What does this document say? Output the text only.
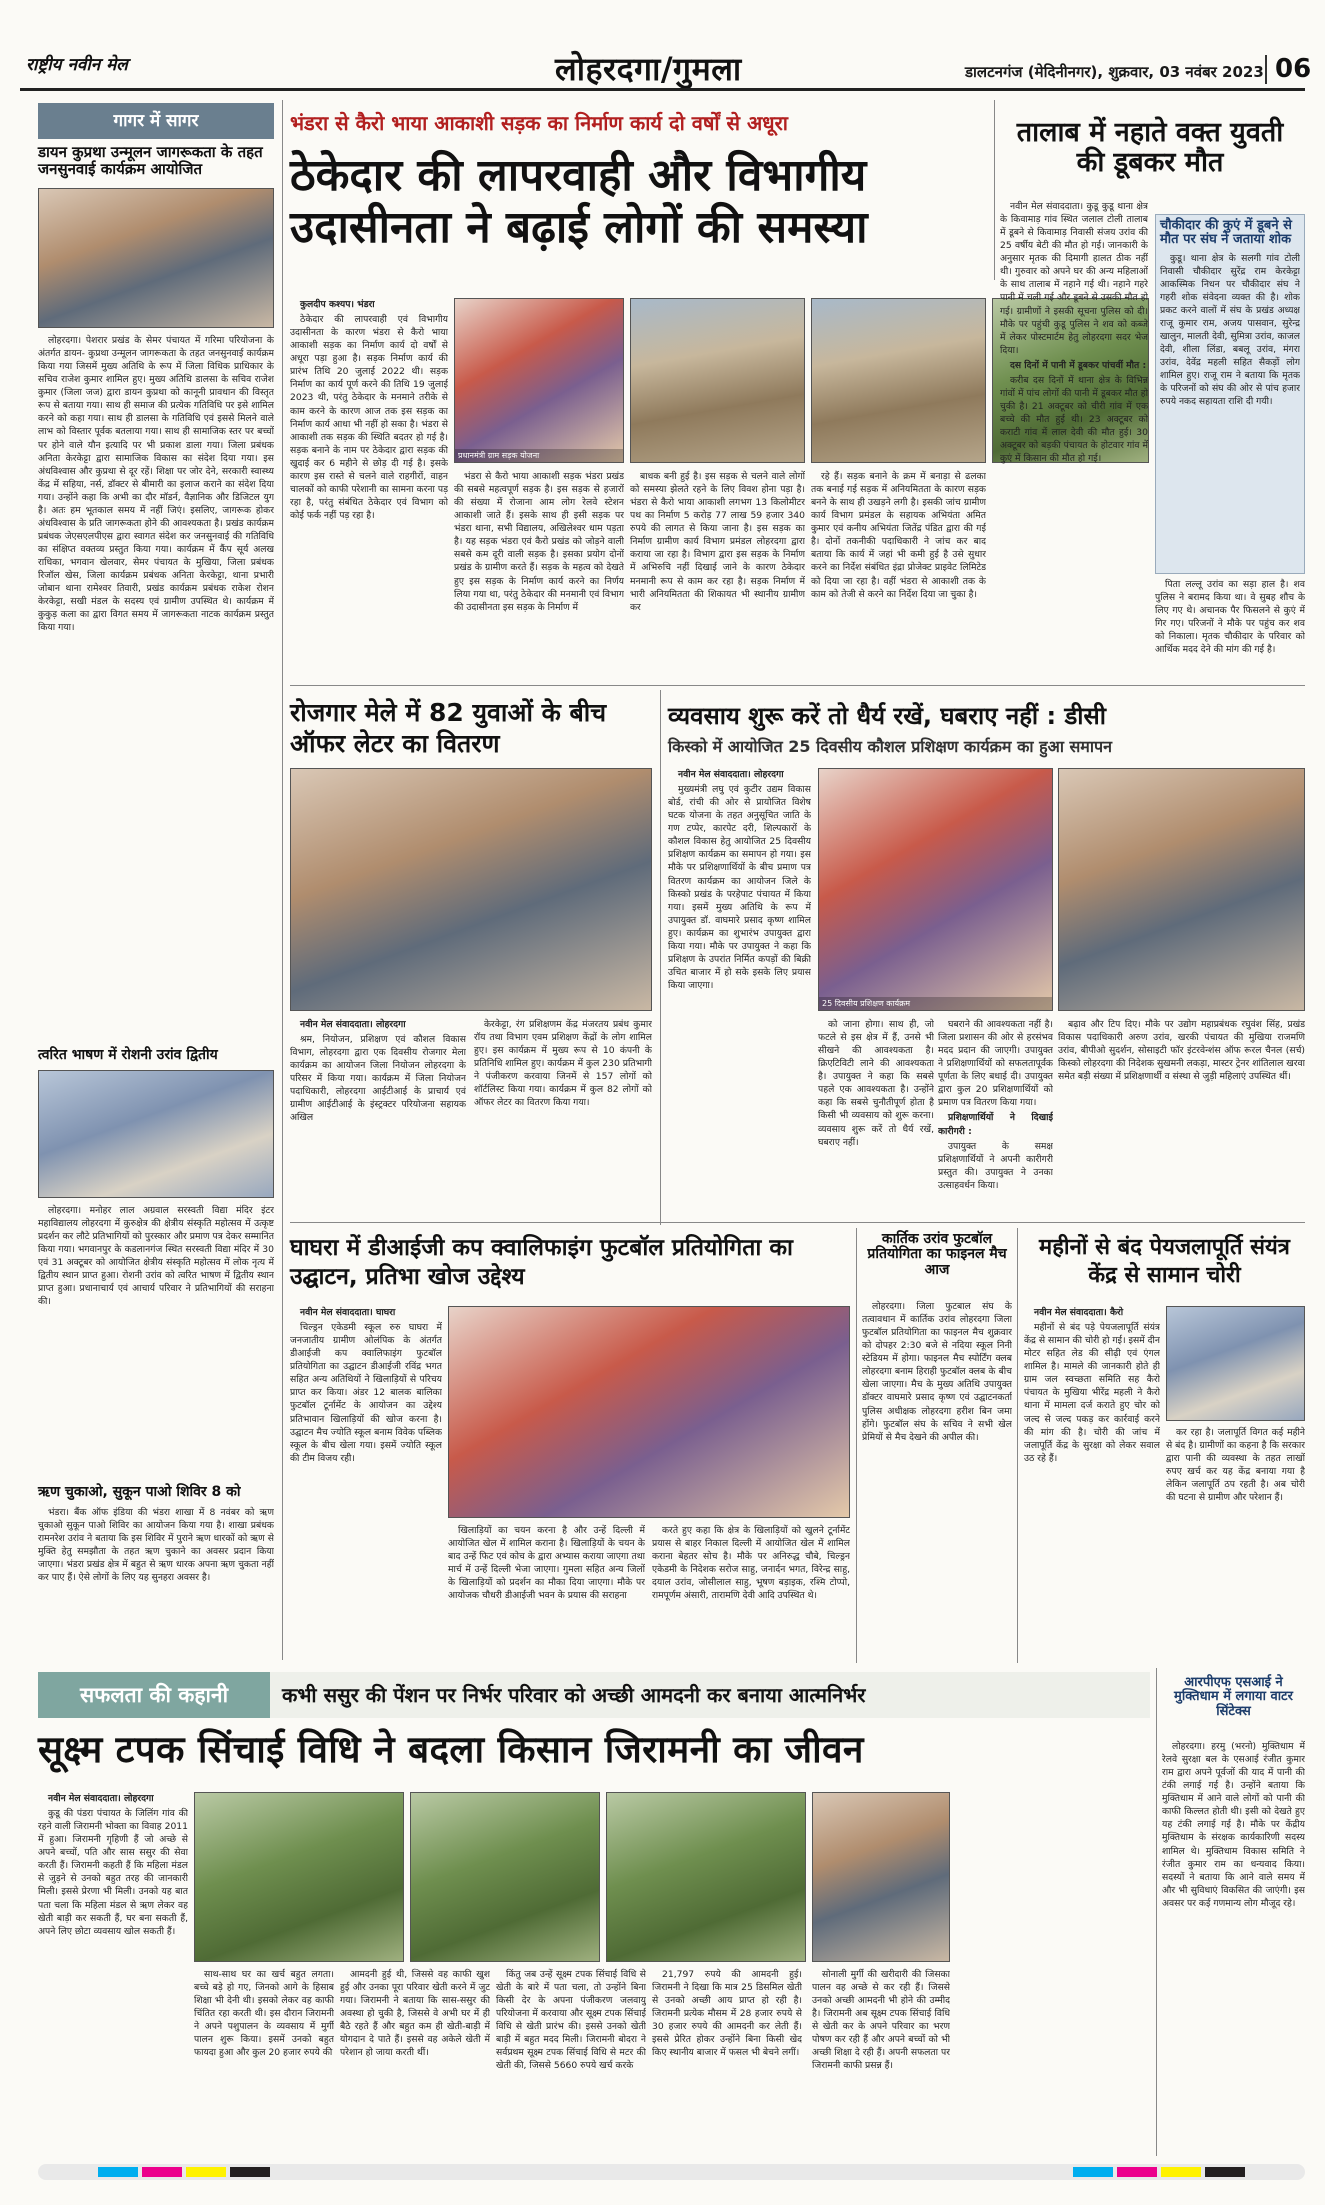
राष्ट्रीय नवीन मेल	लोहरदगा/गुमला	डालटनगंज (मेदिनीनगर), शुक्रवार, 03 नवंबर 2023 06
गागर में सागर
डायन कुप्रथा उन्मूलन जागरूकता के तहत जनसुनवाई कार्यक्रम आयोजित

लोहरदगा। पेशरार प्रखंड के सेमर पंचायत में गरिमा परियोजना के अंतर्गत डायन- कुप्रथा उन्मूलन जागरूकता के तहत जनसुनवाई कार्यक्रम किया गया जिसमें मुख्य अतिथि के रूप में जिला विधिक प्राधिकार के सचिव राजेश कुमार शामिल हुए। मुख्य अतिथि डालसा के सचिव राजेश कुमार (जिला जज) द्वारा डायन कुप्रथा को कानूनी प्रावधान की विस्तृत रूप से बताया गया। साथ ही समाज की प्रत्येक गतिविधि पर इसे शामिल करने को कहा गया। साथ ही डालसा के गतिविधि एवं इससे मिलने वाले लाभ को विस्तार पूर्वक बतलाया गया। साथ ही सामाजिक स्तर पर बच्चों पर होने वाले यौन इत्यादि पर भी प्रकाश डाला गया। जिला प्रबंधक अनिता केरकेट्टा द्वारा सामाजिक विकास का संदेश दिया गया। इस अंधविश्वास और कुप्रथा से दूर रहें। शिक्षा पर जोर देने, सरकारी स्वास्थ्य केंद्र में सहिया, नर्स, डॉक्टर से बीमारी का इलाज कराने का संदेश दिया गया। उन्होंने कहा कि अभी का दौर मॉडर्न, वैज्ञानिक और डिजिटल युग है। अतः हम भूतकाल समय में नहीं जिएं। इसलिए, जागरूक होकर अंधविश्वास के प्रति जागरूकता होने की आवश्यकता है। प्रखंड कार्यक्रम प्रबंधक जेएसएलपीएस द्वारा स्वागत संदेश कर जनसुनवाई की गतिविधि का संक्षिप्त वक्तव्य प्रस्तुत किया गया। कार्यक्रम में कैंप सूर्य अलख राधिका, भगवान खेलवार, सेमर पंचायत के मुखिया, जिला प्रबंधक रिजॉल खेस, जिला कार्यक्रम प्रबंधक अनिता केरकेट्टा, थाना प्रभारी जोबान थाना रामेश्वर तिवारी, प्रखंड कार्यक्रम प्रबंधक राकेश रोशन केरकेट्टा, सखी मंडल के सदस्य एवं ग्रामीण उपस्थित थे। कार्यक्रम में कुकुड़ कला का द्वारा विगत समय में जागरूकता नाटक कार्यक्रम प्रस्तुत किया गया।

त्वरित भाषण में रोशनी उरांव द्वितीय

लोहरदगा। मनोहर लाल अग्रवाल सरस्वती विद्या मंदिर इंटर महाविद्यालय लोहरदगा में कुरुक्षेत्र की क्षेत्रीय संस्कृति महोत्सव में उत्कृष्ट प्रदर्शन कर लौटे प्रतिभागियों को पुरस्कार और प्रमाण पत्र देकर सम्मानित किया गया। भगवानपुर के कडलानगंज स्थित सरस्वती विद्या मंदिर में 30 एवं 31 अक्टूबर को आयोजित क्षेत्रीय संस्कृति महोत्सव में लोक नृत्य में द्वितीय स्थान प्राप्त हुआ। रोशनी उरांव को त्वरित भाषण में द्वितीय स्थान प्राप्त हुआ। प्रधानाचार्य एवं आचार्य परिवार ने प्रतिभागियों की सराहना की।

ऋण चुकाओ, सुकून पाओ शिविर 8 को

भंडरा। बैंक ऑफ इंडिया की भंडरा शाखा में 8 नवंबर को ऋण चुकाओ सुकून पाओ शिविर का आयोजन किया गया है। शाखा प्रबंधक रामनरेश उरांव ने बताया कि इस शिविर में पुराने ऋण धारकों को ऋण से मुक्ति हेतु समझौता के तहत ऋण चुकाने का अवसर प्रदान किया जाएगा। भंडरा प्रखंड क्षेत्र में बहुत से ऋण धारक अपना ऋण चुकता नहीं कर पाए हैं। ऐसे लोगों के लिए यह सुनहरा अवसर है।

भंडरा से कैरो भाया आकाशी सड़क का निर्माण कार्य दो वर्षों से अधूरा
ठेकेदार की लापरवाही और विभागीय उदासीनता ने बढ़ाई लोगों की समस्या

कुलदीप कश्यप। भंडरा

ठेकेदार की लापरवाही एवं विभागीय उदासीनता के कारण भंडरा से कैरो भाया आकाशी सड़क का निर्माण कार्य दो वर्षों से अधूरा पड़ा हुआ है। सड़क निर्माण कार्य की प्रारंभ तिथि 20 जुलाई 2022 थी। सड़क निर्माण का कार्य पूर्ण करने की तिथि 19 जुलाई 2023 थी, परंतु ठेकेदार के मनमाने तरीके से काम करने के कारण आज तक इस सड़क का निर्माण कार्य आधा भी नहीं हो सका है। भंडरा से आकाशी तक सड़क की स्थिति बदतर हो गई है। सड़क बनाने के नाम पर ठेकेदार द्वारा सड़क की खुदाई कर 6 महीने से छोड़ दी गई है। इसके कारण इस रास्ते से चलने वाले राहगीरों, वाहन चालकों को काफी परेशानी का सामना करना पड़ रहा है, परंतु संबंधित ठेकेदार एवं विभाग को कोई फर्क नहीं पड़ रहा है।

प्रधानमंत्री ग्राम सड़क योजना

भंडरा से कैरो भाया आकाशी सड़क भंडरा प्रखंड की सबसे महत्वपूर्ण सड़क है। इस सड़क से हजारों की संख्या में रोजाना आम लोग रेलवे स्टेशन आकाशी जाते हैं। इसके साथ ही इसी सड़क पर भंडरा थाना, सभी विद्यालय, अखिलेश्वर धाम पड़ता है। यह सड़क भंडरा एवं कैरो प्रखंड को जोड़ने वाली सबसे कम दूरी वाली सड़क है। इसका प्रयोग दोनों प्रखंड के ग्रामीण करते हैं। सड़क के महत्व को देखते हुए इस सड़क के निर्माण कार्य करने का निर्णय लिया गया था, परंतु ठेकेदार की मनमानी एवं विभाग की उदासीनता इस सड़क के निर्माण में

बाधक बनी हुई है। इस सड़क से चलने वाले लोगों को समस्या झेलते रहने के लिए विवश होना पड़ा है। भंडरा से कैरो भाया आकाशी लगभग 13 किलोमीटर पथ का निर्माण 5 करोड़ 77 लाख 59 हजार 340 रुपये की लागत से किया जाना है। इस सड़क का निर्माण ग्रामीण कार्य विभाग प्रमंडल लोहरदगा द्वारा कराया जा रहा है। विभाग द्वारा इस सड़क के निर्माण में अभिरुचि नहीं दिखाई जाने के कारण ठेकेदार मनमानी रूप से काम कर रहा है। सड़क निर्माण में भारी अनियमितता की शिकायत भी स्थानीय ग्रामीण कर

रहे हैं। सड़क बनाने के क्रम में बनाड़ा से ढलका तक बनाई गई सड़क में अनियमितता के कारण सड़क बनने के साथ ही उखड़ने लगी है। इसकी जांच ग्रामीण कार्य विभाग प्रमंडल के सहायक अभियंता अमित कुमार एवं कनीय अभियंता जितेंद्र पंडित द्वारा की गई है। दोनों तकनीकी पदाधिकारी ने जांच कर बाद बताया कि कार्य में जहां भी कमी हुई है उसे सुधार करने का निर्देश संबंधित इंद्रा प्रोजेक्ट प्राइवेट लिमिटेड को दिया जा रहा है। वहीं भंडरा से आकाशी तक के काम को तेजी से करने का निर्देश दिया जा चुका है।

तालाब में नहाते वक्त युवती की डूबकर मौत

नवीन मेल संवाददाता। कुडू कुडू थाना क्षेत्र के किवामाड़ गांव स्थित जलाल टोली तालाब में डूबने से किवामाड़ निवासी संजय उरांव की 25 वर्षीय बेटी की मौत हो गई। जानकारी के अनुसार मृतक की दिमागी हालत ठीक नहीं थी। गुरुवार को अपने घर की अन्य महिलाओं के साथ तालाब में नहाने गई थी। नहाने गहरे पानी में चली गई और डूबने से उसकी मौत हो गई। ग्रामीणों ने इसकी सूचना पुलिस को दी। मौके पर पहुंची कुडू पुलिस ने शव को कब्जे में लेकर पोस्टमार्टम हेतु लोहरदगा सदर भेज दिया।

दस दिनों में पानी में डूबकर पांचवीं मौत :

करीब दस दिनों में थाना क्षेत्र के विभिन्न गांवों में पांच लोगों की पानी में डूबकर मौत हो चुकी है। 21 अक्टूबर को चीरी गांव में एक बच्चे की मौत हुई थी। 23 अक्टूबर को कराटी गांव में लाल देवी की मौत हुई। 30 अक्टूबर को बड़की पंचायत के होटवार गांव में कुएं में किसान की मौत हो गई।

चौकीदार की कुएं में डूबने से मौत पर संघ ने जताया शोक

कुडू। थाना क्षेत्र के सलगी गांव टोली निवासी चौकीदार सुरेंद्र राम केरकेट्टा आकस्मिक निधन पर चौकीदार संघ ने गहरी शोक संवेदना व्यक्त की है। शोक प्रकट करने वालों में संघ के प्रखंड अध्यक्ष राजू कुमार राम, अजय पासवान, सुरेन्द्र खालुन, मालती देवी, सुमित्रा उरांव, काजल देवी, शीला लिंडा, बबलू उरांव, मंगरा उरांव, देवेंद्र महली सहित सैकड़ों लोग शामिल हुए। राजू राम ने बताया कि मृतक के परिजनों को संघ की ओर से पांच हजार रुपये नकद सहायता राशि दी गयी।

पिता लल्लू उरांव का सड़ा हाल है। शव पुलिस ने बरामद किया था। वे सुबह शौच के लिए गए थे। अचानक पैर फिसलने से कुएं में गिर गए। परिजनों ने मौके पर पहुंच कर शव को निकाला। मृतक चौकीदार के परिवार को आर्थिक मदद देने की मांग की गई है।

रोजगार मेले में 82 युवाओं के बीच ऑफर लेटर का वितरण

नवीन मेल संवाददाता। लोहरदगा

श्रम, नियोजन, प्रशिक्षण एवं कौशल विकास विभाग, लोहरदगा द्वारा एक दिवसीय रोजगार मेला कार्यक्रम का आयोजन जिला नियोजन लोहरदगा के परिसर में किया गया। कार्यक्रम में जिला नियोजन पदाधिकारी, लोहरदगा आईटीआई के प्राचार्य एवं ग्रामीण आईटीआई के इंस्ट्रक्टर परियोजना सहायक अखिल

केरकेट्टा, रंग प्रशिक्षणम केंद्र मंजरतय प्रबंध कुमार रॉय तथा विभाग एवम प्रशिक्षण केंद्रों के लोग शामिल हुए। इस कार्यक्रम में मुख्य रूप से 10 कंपनी के प्रतिनिधि शामिल हुए। कार्यक्रम में कुल 230 प्रतिभागी ने पंजीकरण करवाया जिनमें से 157 लोगों को शॉर्टलिस्ट किया गया। कार्यक्रम में कुल 82 लोगों को ऑफर लेटर का वितरण किया गया।

व्यवसाय शुरू करें तो धैर्य रखें, घबराए नहीं : डीसी
किस्को में आयोजित 25 दिवसीय कौशल प्रशिक्षण कार्यक्रम का हुआ समापन

नवीन मेल संवाददाता। लोहरदगा

मुख्यमंत्री लघु एवं कुटीर उद्यम विकास बोर्ड, रांची की ओर से प्रायोजित विशेष घटक योजना के तहत अनुसूचित जाति के गण टप्पेर, कारपेट दरी, शिल्पकारों के कौशल विकास हेतु आयोजित 25 दिवसीय प्रशिक्षण कार्यक्रम का समापन हो गया। इस मौके पर प्रशिक्षणार्थियों के बीच प्रमाण पत्र वितरण कार्यक्रम का आयोजन जिले के किस्को प्रखंड के परहेपाट पंचायत में किया गया। इसमें मुख्य अतिथि के रूप में उपायुक्त डॉ. वाघमारे प्रसाद कृष्ण शामिल हुए। कार्यक्रम का शुभारंभ उपायुक्त द्वारा किया गया। मौके पर उपायुक्त ने कहा कि प्रशिक्षण के उपरांत निर्मित कपड़ों की बिक्री उचित बाजार में हो सके इसके लिए प्रयास किया जाएगा।

25 दिवसीय प्रशिक्षण कार्यक्रम

को जाना होगा। साथ ही, जो फटले से इस क्षेत्र में हैं, उनसे भी सीखने की आवश्यकता है। क्रिएटिविटी लाने की आवश्यकता है। उपायुक्त ने कहा कि सबसे पहले एक आवश्यकता है। उन्होंने कहा कि सबसे चुनौतीपूर्ण होता है किसी भी व्यवसाय को शुरू करना। व्यवसाय शुरू करें तो धैर्य रखें, घबराए नहीं।

घबराने की आवश्यकता नहीं है। जिला प्रशासन की ओर से हरसंभव मदद प्रदान की जाएगी। उपायुक्त ने प्रशिक्षणार्थियों को सफलतापूर्वक पूर्णता के लिए बधाई दी। उपायुक्त द्वारा कुल 20 प्रशिक्षणार्थियों को प्रमाण पत्र वितरण किया गया।

प्रशिक्षणार्थियों ने दिखाई कारीगरी :

उपायुक्त के समक्ष प्रशिक्षणार्थियों ने अपनी कारीगरी प्रस्तुत की। उपायुक्त ने उनका उत्साहवर्धन किया।

बढ़ाव और टिप दिए। मौके पर उद्योग महाप्रबंधक रघुवंश सिंह, प्रखंड विकास पदाधिकारी अरुण उरांव, खरकी पंचायत की मुखिया राजमणि उरांव, बीपीओ सुदर्शन, सोसाइटी फॉर इंटरवेन्शंस ऑफ रूरल चैनल (सर्च) किस्को लोहरदगा की निदेशक सुखमनी लकड़ा, मास्टर ट्रेनर शांतिलाल खरवा समेत बड़ी संख्या में प्रशिक्षणार्थी व संस्था से जुड़ी महिलाएं उपस्थित थीं।

घाघरा में डीआईजी कप क्वालिफाइंग फुटबॉल प्रतियोगिता का उद्घाटन, प्रतिभा खोज उद्देश्य

नवीन मेल संवाददाता। घाघरा

चिल्ड्रन एकेडमी स्कूल रुरु घाघरा में जनजातीय ग्रामीण ओलंपिक के अंतर्गत डीआईजी कप क्वालिफाइंग फुटबॉल प्रतियोगिता का उद्घाटन डीआईजी रविंद्र भगत सहित अन्य अतिथियों ने खिलाड़ियों से परिचय प्राप्त कर किया। अंडर 12 बालक बालिका फुटबॉल टूर्नामेंट के आयोजन का उद्देश्य प्रतिभावान खिलाड़ियों की खोज करना है। उद्घाटन मैच ज्योति स्कूल बनाम विवेक पब्लिक स्कूल के बीच खेला गया। इसमें ज्योति स्कूल की टीम विजय रही।

खिलाड़ियों का चयन करना है और उन्हें दिल्ली में आयोजित खेल में शामिल कराना है। खिलाड़ियों के चयन के बाद उन्हें फिट एवं कोच के द्वारा अभ्यास कराया जाएगा तथा मार्च में उन्हें दिल्ली भेजा जाएगा। गुमला सहित अन्य जिलों के खिलाड़ियों को प्रदर्शन का मौका दिया जाएगा। मौके पर आयोजक चौधरी डीआईजी भवन के प्रयास की सराहना

करते हुए कहा कि क्षेत्र के खिलाड़ियों को खुलने टूर्नामेंट प्रयास से बाहर निकाल दिल्ली में आयोजित खेल में शामिल कराना बेहतर सोच है। मौके पर अनिरुद्ध चौबे, चिल्ड्रन एकेडमी के निदेशक सरोज साहु, जनार्दन भगत, विरेन्द्र साहु, दयाल उरांव, जोसीलाल साहु, भूषण बड़ाइक, रश्मि टोप्पो, रामपूर्णम अंसारी, तारामणि देवी आदि उपस्थित थे।

कार्तिक उरांव फुटबॉल प्रतियोगिता का फाइनल मैच आज

लोहरदगा। जिला फुटबाल संघ के तत्वावधान में कार्तिक उरांव लोहरदगा जिला फुटबॉल प्रतियोगिता का फाइनल मैच शुक्रवार को दोपहर 2:30 बजे से नदिया स्कूल निनी स्टेडियम में होगा। फाइनल मैच स्पोर्टिंग क्लब लोहरदगा बनाम हिराही फुटबॉल क्लब के बीच खेला जाएगा। मैच के मुख्य अतिथि उपायुक्त डॉक्टर वाघमारे प्रसाद कृष्ण एवं उद्घाटनकर्ता पुलिस अधीक्षक लोहरदगा हरीश बिन जमा होंगे। फुटबॉल संघ के सचिव ने सभी खेल प्रेमियों से मैच देखने की अपील की।

महीनों से बंद पेयजलापूर्ति संयंत्र केंद्र से सामान चोरी

नवीन मेल संवाददाता। कैरो

महीनों से बंद पड़े पेयजलापूर्ति संयंत्र केंद्र से सामान की चोरी हो गई। इसमें दीन मोटर सहित लेड की सीढ़ी एवं एंगल शामिल है। मामले की जानकारी होते ही ग्राम जल स्वच्छता समिति सह कैरो पंचायत के मुखिया भीरेंद्र महली ने कैरो थाना में मामला दर्ज कराते हुए चोर को जल्द से जल्द पकड़ कर कार्रवाई करने की मांग की है। चोरी की जांच में जलापूर्ति केंद्र के सुरक्षा को लेकर सवाल उठ रहे हैं।

कर रहा है। जलापूर्ति विगत कई महीने से बंद है। ग्रामीणों का कहना है कि सरकार द्वारा पानी की व्यवस्था के तहत लाखों रुपए खर्च कर यह केंद्र बनाया गया है लेकिन जलापूर्ति ठप रहती है। अब चोरी की घटना से ग्रामीण और परेशान हैं।

सफलता की कहानी	कभी ससुर की पेंशन पर निर्भर परिवार को अच्छी आमदनी कर बनाया आत्मनिर्भर
सूक्ष्म टपक सिंचाई विधि ने बदला किसान जिरामनी का जीवन

नवीन मेल संवाददाता। लोहरदगा

कुडू की पंडरा पंचायत के जिलिंग गांव की रहने वाली जिरामनी भोक्ता का विवाह 2011 में हुआ। जिरामनी गृहिणी हैं जो अच्छे से अपने बच्चों, पति और सास ससुर की सेवा करती हैं। जिरामनी कहती हैं कि महिला मंडल से जुड़ने से उनको बहुत तरह की जानकारी मिली। इससे प्रेरणा भी मिली। उनको यह बात पता चला कि महिला मंडल से ऋण लेकर वह खेती बाड़ी कर सकती हैं, घर बना सकती हैं, अपने लिए छोटा व्यवसाय खोल सकती हैं।

साथ-साथ घर का खर्च बहुत लगता। बच्चे बड़े हो गए, जिनको आगे के हिसाब शिक्षा भी देनी थी। इसको लेकर वह काफी चिंतित रहा करती थी। इस दौरान जिरामनी ने अपने पशुपालन के व्यवसाय में मुर्गी पालन शुरू किया। इसमें उनको बहुत फायदा हुआ और कुल 20 हजार रुपये की

आमदनी हुई थी, जिससे वह काफी खुश हुई और उनका पूरा परिवार खेती करने में जुट गया। जिरामनी ने बताया कि सास-ससुर की अवस्था हो चुकी है, जिससे वे अभी घर में ही बैठे रहते हैं और बहुत कम ही खेती-बाड़ी में योगदान दे पाते हैं। इससे वह अकेले खेती में परेशान हो जाया करती थीं।

किंतु जब उन्हें सूक्ष्म टपक सिंचाई विधि से खेती के बारे में पता चला, तो उन्होंने बिना किसी देर के अपना पंजीकरण जलवायु परियोजना में करवाया और सूक्ष्म टपक सिंचाई विधि से खेती प्रारंभ की। इससे उनको खेती बाड़ी में बहुत मदद मिली। जिरामनी बोदरा ने सर्वप्रथम सूक्ष्म टपक सिंचाई विधि से मटर की खेती की, जिससे 5660 रुपये खर्च करके

21,797 रुपये की आमदनी हुई। जिरामनी ने दिखा कि मात्र 25 डिसमिल खेती से उनको अच्छी आय प्राप्त हो रही है। जिरामनी प्रत्येक मौसम में 28 हजार रुपये से 30 हजार रुपये की आमदनी कर लेती हैं। इससे प्रेरित होकर उन्होंने बिना किसी खेद किए स्थानीय बाजार में फसल भी बेचने लगीं।

सोनाली मुर्गी की खरीदारी की जिसका पालन वह अच्छे से कर रही हैं। जिससे उनको अच्छी आमदनी भी होने की उम्मीद है। जिरामनी अब सूक्ष्म टपक सिंचाई विधि से खेती कर के अपने परिवार का भरण पोषण कर रही हैं और अपने बच्चों को भी अच्छी शिक्षा दे रही हैं। अपनी सफलता पर जिरामनी काफी प्रसन्न हैं।

आरपीएफ एसआई ने मुक्तिधाम में लगाया वाटर सिंटेक्स

लोहरदगा। हरमु (भरनो) मुक्तिधाम में रेलवे सुरक्षा बल के एसआई रंजीत कुमार राम द्वारा अपने पूर्वजों की याद में पानी की टंकी लगाई गई है। उन्होंने बताया कि मुक्तिधाम में आने वाले लोगों को पानी की काफी किल्लत होती थी। इसी को देखते हुए यह टंकी लगाई गई है। मौके पर केंद्रीय मुक्तिधाम के संरक्षक कार्यकारिणी सदस्य शामिल थे। मुक्तिधाम विकास समिति ने रंजीत कुमार राम का धन्यवाद किया। सदस्यों ने बताया कि आने वाले समय में और भी सुविधाएं विकसित की जाएंगी। इस अवसर पर कई गणमान्य लोग मौजूद रहे।
